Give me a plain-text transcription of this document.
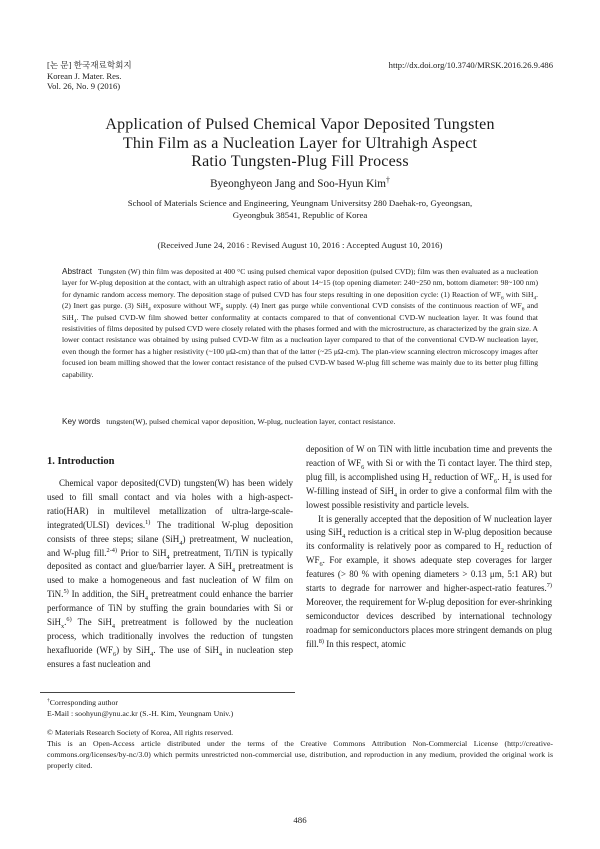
[논 문] 한국재료학회지
Korean J. Mater. Res.
Vol. 26, No. 9 (2016)
http://dx.doi.org/10.3740/MRSK.2016.26.9.486
Application of Pulsed Chemical Vapor Deposited Tungsten
Thin Film as a Nucleation Layer for Ultrahigh Aspect
Ratio Tungsten-Plug Fill Process
Byeonghyeon Jang and Soo-Hyun Kim†
School of Materials Science and Engineering, Yeungnam Universitsy 280 Daehak-ro, Gyeongsan,
Gyeongbuk 38541, Republic of Korea
(Received June 24, 2016 : Revised August 10, 2016 : Accepted August 10, 2016)
Abstract Tungsten (W) thin film was deposited at 400 °C using pulsed chemical vapor deposition (pulsed CVD); film was then evaluated as a nucleation layer for W-plug deposition at the contact, with an ultrahigh aspect ratio of about 14~15 (top opening diameter: 240~250 nm, bottom diameter: 98~100 nm) for dynamic random access memory. The deposition stage of pulsed CVD has four steps resulting in one deposition cycle: (1) Reaction of $WF_6$ with SiH$_4$. (2) Inert gas purge. (3) SiH$_4$ exposure without $WF_6$ supply. (4) Inert gas purge while conventional CVD consists of the continuous reaction of $WF_6$ and SiH$_4$. The pulsed CVD-W film showed better conformality at contacts compared to that of conventional CVD-W nucleation layer. It was found that resistivities of films deposited by pulsed CVD were closely related with the phases formed and with the microstructure, as characterized by the grain size. A lower contact resistance was obtained by using pulsed CVD-W film as a nucleation layer compared to that of the conventional CVD-W nucleation layer, even though the former has a higher resistivity (~100 μΩ-cm) than that of the latter (~25 μΩ-cm). The plan-view scanning electron microscopy images after focused ion beam milling showed that the lower contact resistance of the pulsed CVD-W based W-plug fill scheme was mainly due to its better plug filling capability.
Key words tungsten(W), pulsed chemical vapor deposition, W-plug, nucleation layer, contact resistance.
1. Introduction

Chemical vapor deposited(CVD) tungsten(W) has been widely used to fill small contact and via holes with a high-aspect-ratio(HAR) in multilevel metallization of ultra-large-scale-integrated(ULSI) devices.$^{1)}$ The traditional W-plug deposition consists of three steps; silane (SiH$_4$) pretreatment, W nucleation, and W-plug fill.$^{2-4)}$ Prior to SiH$_4$ pretreatment, Ti/TiN is typically deposited as contact and glue/barrier layer. A SiH$_4$ pretreatment is used to make a homogeneous and fast nucleation of W film on TiN.$^{5)}$ In addition, the SiH$_4$ pretreatment could enhance the barrier performance of TiN by stuffing the grain boundaries with Si or SiH$_x$.$^{6)}$ The SiH$_4$ pretreatment is followed by the nucleation process, which traditionally involves the reduction of tungsten hexafluoride $(WF_6)$ by SiH$_4$. The use of SiH$_4$ in nucleation step ensures a fast nucleation and

deposition of W on TiN with little incubation time and prevents the reaction of $WF_6$ with Si or with the Ti contact layer. The third step, plug fill, is accomplished using $H_2$ reduction of $WF_6$. $H_2$ is used for W-filling instead of SiH$_4$ in order to give a conformal film with the lowest possible resistivity and particle levels.

It is generally accepted that the deposition of W nucleation layer using SiH$_4$ reduction is a critical step in W-plug deposition because its conformality is relatively poor as compared to $H_2$ reduction of $WF_6$. For example, it shows adequate step coverages for larger features (> 80 % with opening diameters > 0.13 μm, 5:1 AR) but starts to degrade for narrower and higher-aspect-ratio features.$^{7)}$ Moreover, the requirement for W-plug deposition for ever-shrinking semiconductor devices described by international technology roadmap for semiconductors places more stringent demands on plug fill.$^{8)}$ In this respect, atomic

†Corresponding author
E-Mail : soohyun@ynu.ac.kr (S.-H. Kim, Yeungnam Univ.)
© Materials Research Society of Korea, All rights reserved.
This is an Open-Access article distributed under the terms of the Creative Commons Attribution Non-Commercial License (http://creative-commons.org/licenses/by-nc/3.0) which permits unrestricted non-commercial use, distribution, and reproduction in any medium, provided the original work is properly cited.
486
